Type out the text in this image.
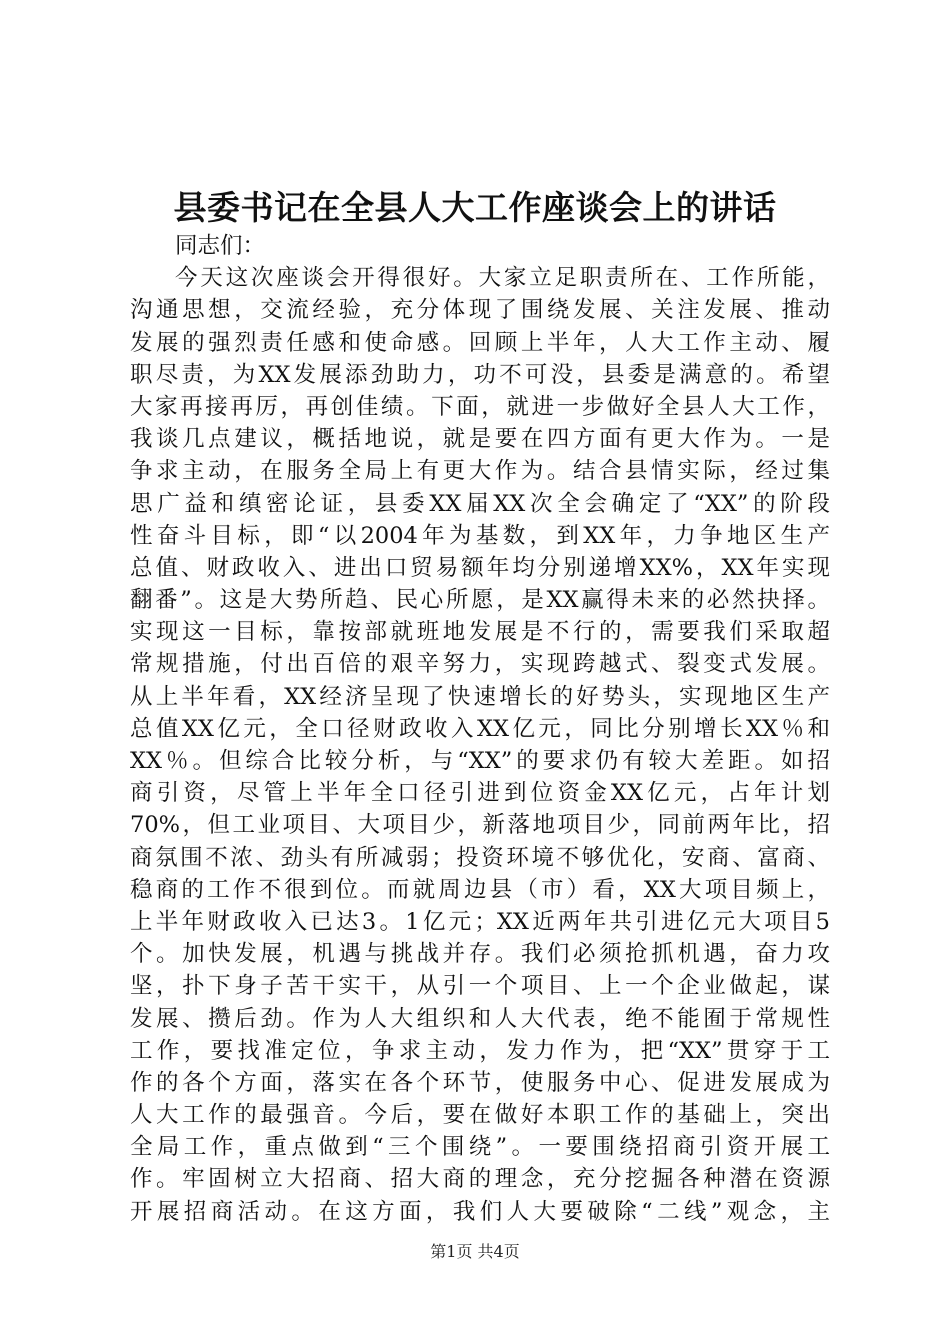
县委书记在全县人大工作座谈会上的讲话
同志们：
今天这次座谈会开得很好。大家立足职责所在、工作所能，
沟通思想，交流经验，充分体现了围绕发展、关注发展、推动
发展的强烈责任感和使命感。回顾上半年，人大工作主动、履
职尽责，为XX发展添劲助力，功不可没，县委是满意的。希望
大家再接再厉，再创佳绩。下面，就进一步做好全县人大工作，
我谈几点建议，概括地说，就是要在四方面有更大作为。一是
争求主动，在服务全局上有更大作为。结合县情实际，经过集
思广益和缜密论证，县委XX届XX次全会确定了“XX”的阶段
性奋斗目标，即“以2004年为基数，到XX年，力争地区生产
总值、财政收入、进出口贸易额年均分别递增XX%，XX年实现
翻番”。这是大势所趋、民心所愿，是XX赢得未来的必然抉择。
实现这一目标，靠按部就班地发展是不行的，需要我们采取超
常规措施，付出百倍的艰辛努力，实现跨越式、裂变式发展。
从上半年看，XX经济呈现了快速增长的好势头，实现地区生产
总值XX亿元，全口径财政收入XX亿元，同比分别增长XX％和
XX％。但综合比较分析，与“XX”的要求仍有较大差距。如招
商引资，尽管上半年全口径引进到位资金XX亿元，占年计划
70%，但工业项目、大项目少，新落地项目少，同前两年比，招
商氛围不浓、劲头有所减弱；投资环境不够优化，安商、富商、
稳商的工作不很到位。而就周边县（市）看，XX大项目频上，
上半年财政收入已达3。1亿元；XX近两年共引进亿元大项目5
个。加快发展，机遇与挑战并存。我们必须抢抓机遇，奋力攻
坚，扑下身子苦干实干，从引一个项目、上一个企业做起，谋
发展、攒后劲。作为人大组织和人大代表，绝不能囿于常规性
工作，要找准定位，争求主动，发力作为，把“XX”贯穿于工
作的各个方面，落实在各个环节，使服务中心、促进发展成为
人大工作的最强音。今后，要在做好本职工作的基础上，突出
全局工作，重点做到“三个围绕”。一要围绕招商引资开展工
作。牢固树立大招商、招大商的理念，充分挖掘各种潜在资源
开展招商活动。在这方面，我们人大要破除“二线”观念，主
第1页 共4页
